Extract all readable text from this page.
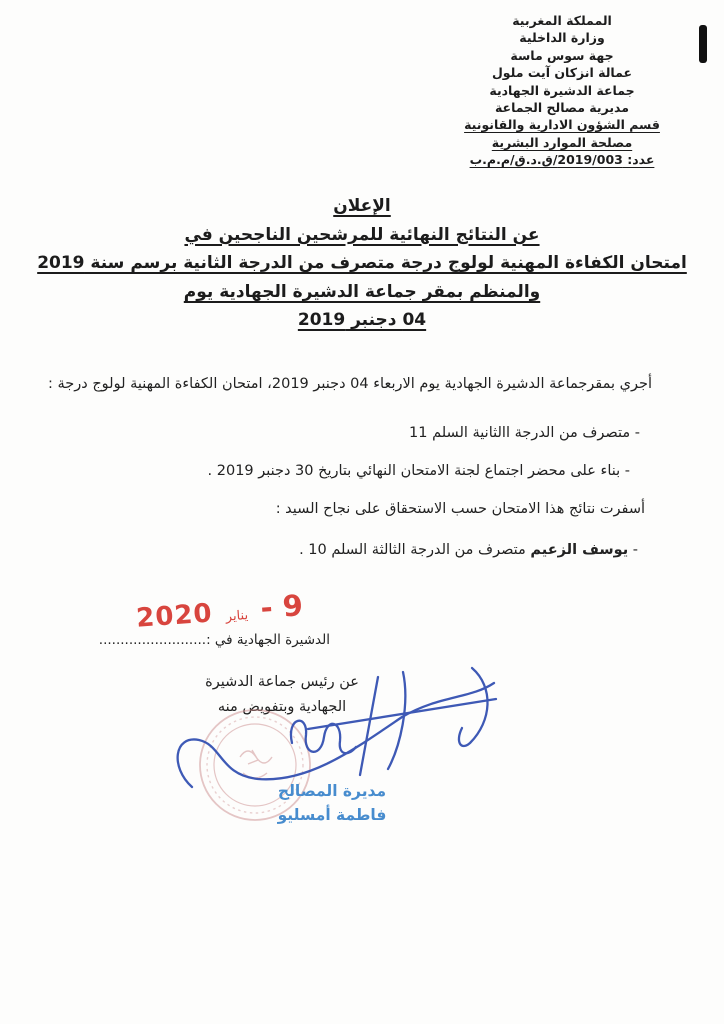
المملكة المغربية
وزارة الداخلية
جهة سوس ماسة
عمالة انزكان آيت ملول
جماعة الدشيرة الجهادية
مديرية مصالح الجماعة
قسم الشؤون الادارية والقانونية
مصلحة الموارد البشرية
عدد: 2019/003/ق.د.ق/م.م.ب
الإعلان
عن النتائج النهائية للمرشحين الناجحين في
امتحان الكفاءة المهنية لولوج درجة متصرف من الدرجة الثانية برسم سنة 2019
والمنظم بمقر جماعة الدشيرة الجهادية يوم
04 دجنبر 2019
أجري بمقرجماعة الدشيرة الجهادية يوم الاربعاء 04 دجنبر 2019، امتحان الكفاءة المهنية لولوج درجة :
- متصرف من الدرجة االثانية السلم 11
- بناء على محضر اجتماع لجنة الامتحان النهائي بتاريخ 30 دجنبر 2019 .
أسفرت نتائج هذا الامتحان حسب الاستحقاق على نجاح السيد :
- يوسف الزعيم متصرف من الدرجة الثالثة السلم 10 .
2020 يناير - 9
الدشيرة الجهادية في :.........................
عن رئيس جماعة الدشيرة
الجهادية وبتفويض منه
مديرة المصالح
فاطمة أمسليو
